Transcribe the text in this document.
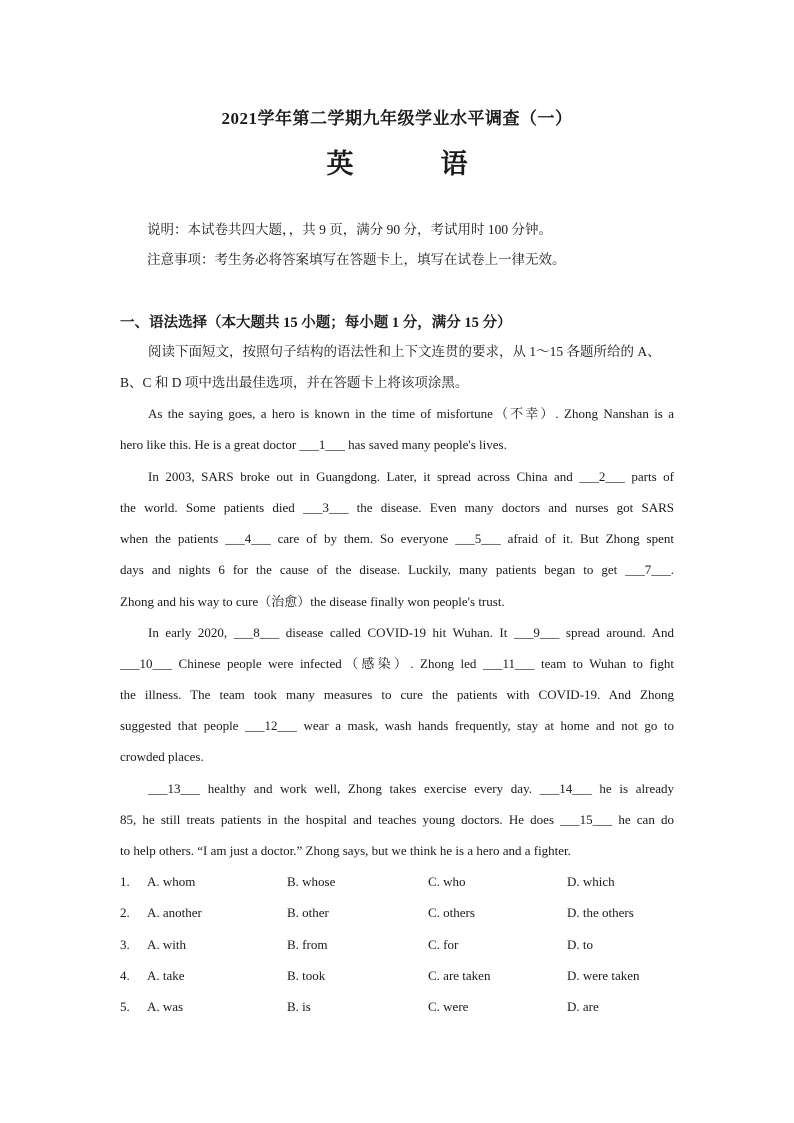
2021学年第二学期九年级学业水平调查（一）
英　语
说明：本试卷共四大题，，共 9 页，满分 90 分，考试用时 100 分钟。
注意事项：考生务必将答案填写在答题卡上，填写在试卷上一律无效。
一、语法选择（本大题共 15 小题；每小题 1 分，满分 15 分）
阅读下面短文，按照句子结构的语法性和上下文连贯的要求，从 1～15 各题所给的 A、
B、C 和 D 项中选出最佳选项，并在答题卡上将该项涂黑。
As the saying goes, a hero is known in the time of misfortune（不幸）. Zhong Nanshan is a
hero like this. He is a great doctor ___1___ has saved many people's lives.
In 2003, SARS broke out in Guangdong. Later, it spread across China and ___2___ parts of
the world. Some patients died ___3___ the disease. Even many doctors and nurses got SARS
when the patients ___4___ care of by them. So everyone ___5___ afraid of it. But Zhong spent
days and nights 6 for the cause of the disease. Luckily, many patients began to get ___7___.
Zhong and his way to cure（治愈）the disease finally won people's trust.
In early 2020, ___8___ disease called COVID-19 hit Wuhan. It ___9___ spread around. And
___10___ Chinese people were infected（感染）. Zhong led ___11___ team to Wuhan to fight
the illness. The team took many measures to cure the patients with COVID-19. And Zhong
suggested that people ___12___ wear a mask, wash hands frequently, stay at home and not go to
crowded places.
___13___ healthy and work well, Zhong takes exercise every day. ___14___ he is already
85, he still treats patients in the hospital and teaches young doctors. He does ___15___ he can do
to help others. “I am just a doctor.” Zhong says, but we think he is a hero and a fighter.
1. A. whom	B. whose	C. who	D. which
2. A. another	B. other	C. others	D. the others
3. A. with	B. from	C. for	D. to
4. A. take	B. took	C. are taken	D. were taken
5. A. was	B. is	C. were	D. are
